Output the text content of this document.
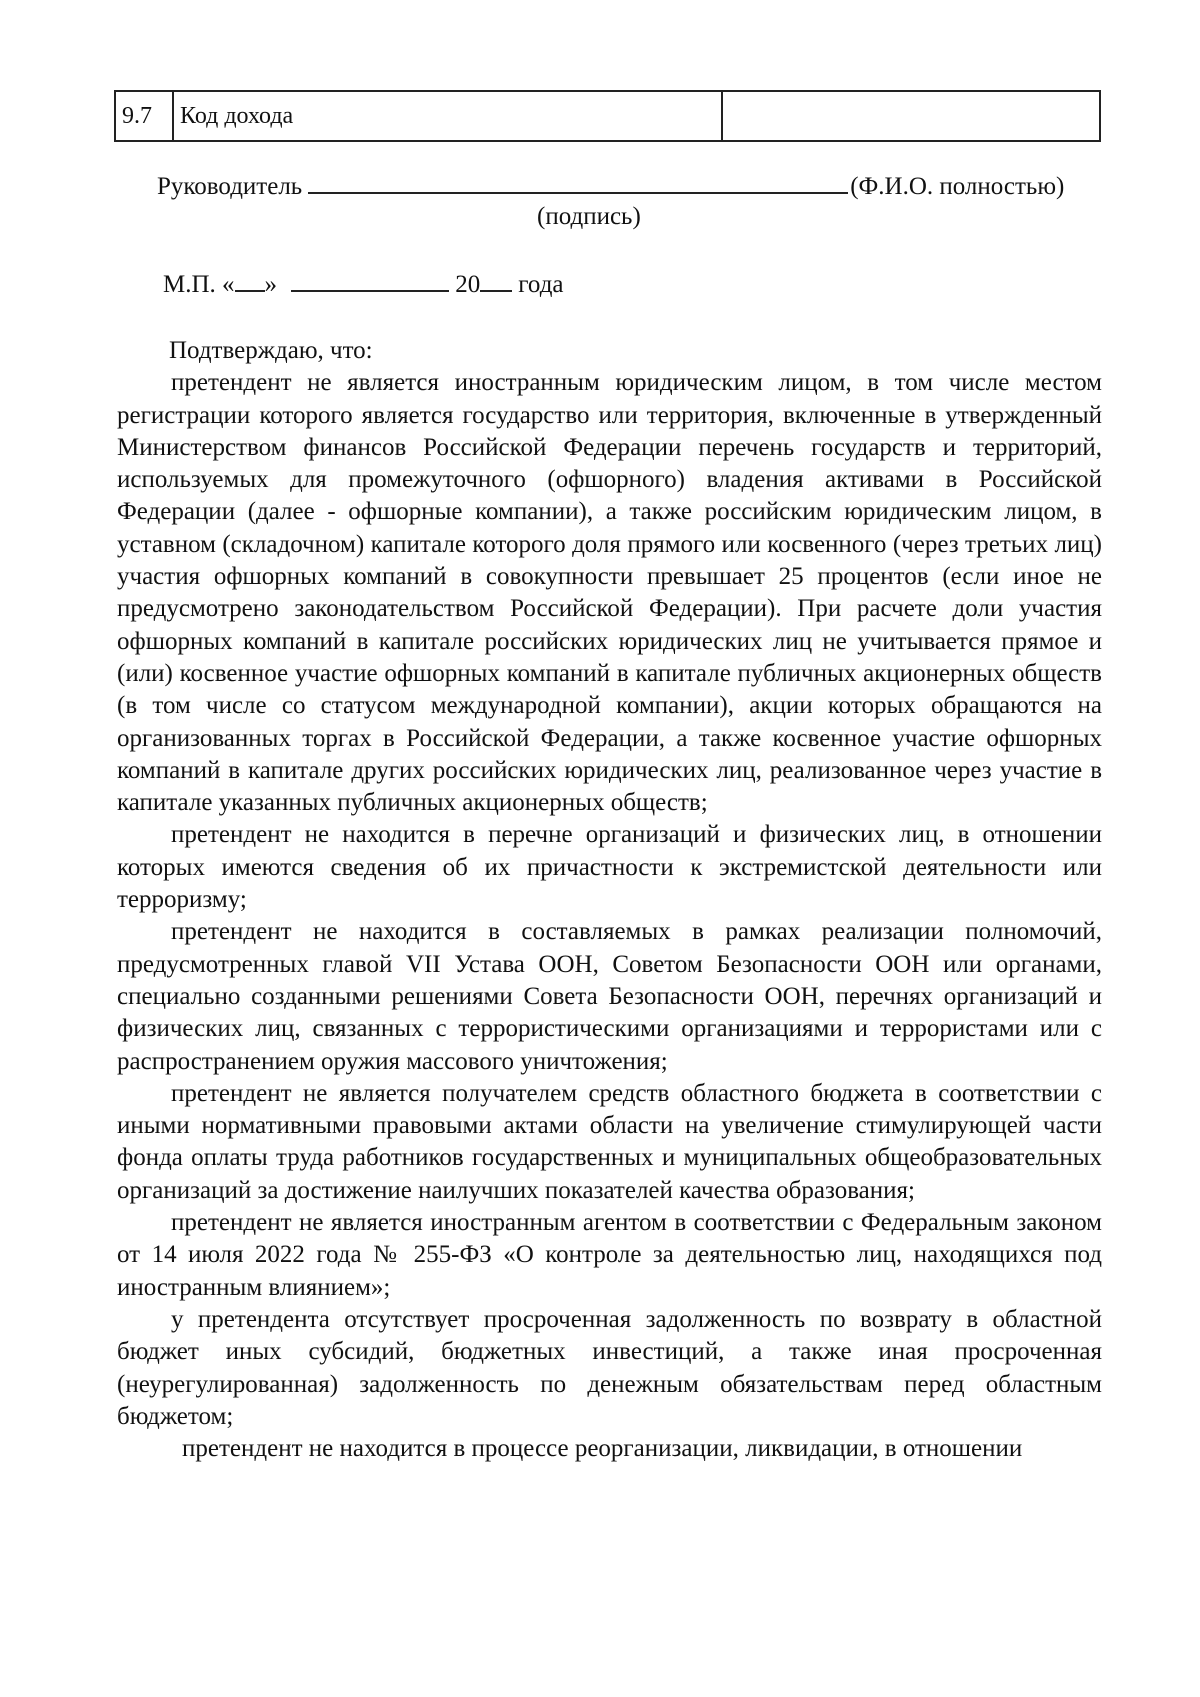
9.7	Код дохода	
Руководитель	(Ф.И.О. полностью)
(подпись)
М.П. « »	20 года

Подтверждаю, что:

претендент не является иностранным юридическим лицом, в том числе местом регистрации которого является государство или территория, включенные в утвержденный Министерством финансов Российской Федерации перечень государств и территорий, используемых для промежуточного (офшорного) владения активами в Российской Федерации (далее - офшорные компании), а также российским юридическим лицом, в уставном (складочном) капитале которого доля прямого или косвенного (через третьих лиц) участия офшорных компаний в совокупности превышает 25 процентов (если иное не предусмотрено законодательством Российской Федерации). При расчете доли участия офшорных компаний в капитале российских юридических лиц не учитывается прямое и (или) косвенное участие офшорных компаний в капитале публичных акционерных обществ (в том числе со статусом международной компании), акции которых обращаются на организованных торгах в Российской Федерации, а также косвенное участие офшорных компаний в капитале других российских юридических лиц, реализованное через участие в капитале указанных публичных акционерных обществ;

претендент не находится в перечне организаций и физических лиц, в отношении которых имеются сведения об их причастности к экстремистской деятельности или терроризму;

претендент не находится в составляемых в рамках реализации полномочий, предусмотренных главой VII Устава ООН, Советом Безопасности ООН или органами, специально созданными решениями Совета Безопасности ООН, перечнях организаций и физических лиц, связанных с террористическими организациями и террористами или с распространением оружия массового уничтожения;

претендент не является получателем средств областного бюджета в соответствии с иными нормативными правовыми актами области на увеличение стимулирующей части фонда оплаты труда работников государственных и муниципальных общеобразовательных организаций за достижение наилучших показателей качества образования;

претендент не является иностранным агентом в соответствии с Федеральным законом от 14 июля 2022 года № 255-ФЗ «О контроле за деятельностью лиц, находящихся под иностранным влиянием»;

у претендента отсутствует просроченная задолженность по возврату в областной бюджет иных субсидий, бюджетных инвестиций, а также иная просроченная (неурегулированная) задолженность по денежным обязательствам перед областным бюджетом;

претендент не находится в процессе реорганизации, ликвидации, в отношении
